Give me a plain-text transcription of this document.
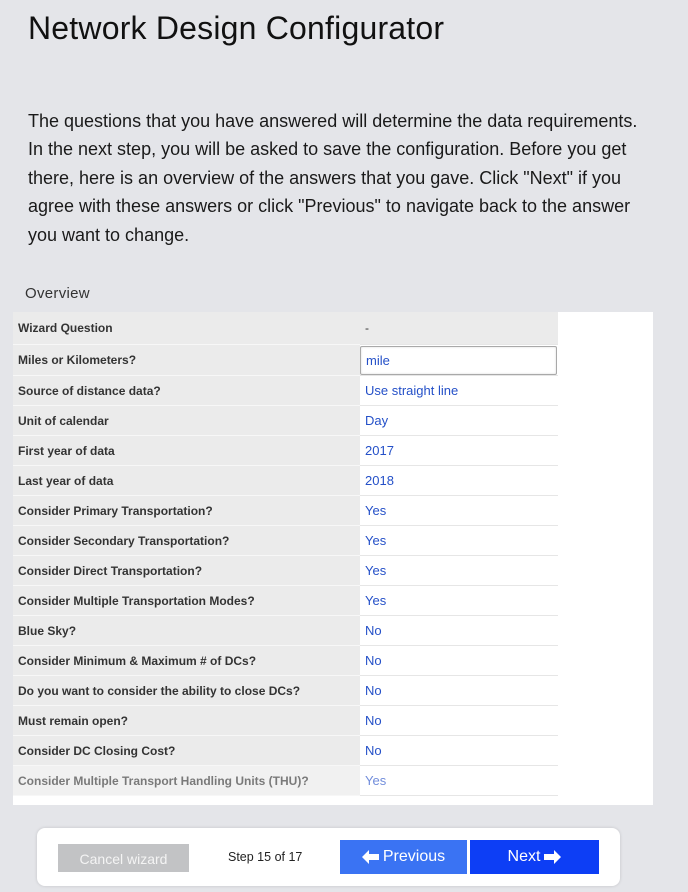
Network Design Configurator

The questions that you have answered will determine the data requirements. In the next step, you will be asked to save the configuration. Before you get there, here is an overview of the answers that you gave. Click "Next" if you agree with these answers or click "Previous" to navigate back to the answer you want to change.

Overview
Wizard Question	-
Miles or Kilometers?	mile

Source of distance data?	Use straight line
Unit of calendar	Day
First year of data	2017
Last year of data	2018
Consider Primary Transportation?	Yes
Consider Secondary Transportation?	Yes
Consider Direct Transportation?	Yes
Consider Multiple Transportation Modes?	Yes
Blue Sky?	No
Consider Minimum & Maximum # of DCs?	No
Do you want to consider the ability to close DCs?	No
Must remain open?	No
Consider DC Closing Cost?	No
Consider Multiple Transport Handling Units (THU)?	Yes
Cancel wizard	Step 15 of 17	Previous	Next
